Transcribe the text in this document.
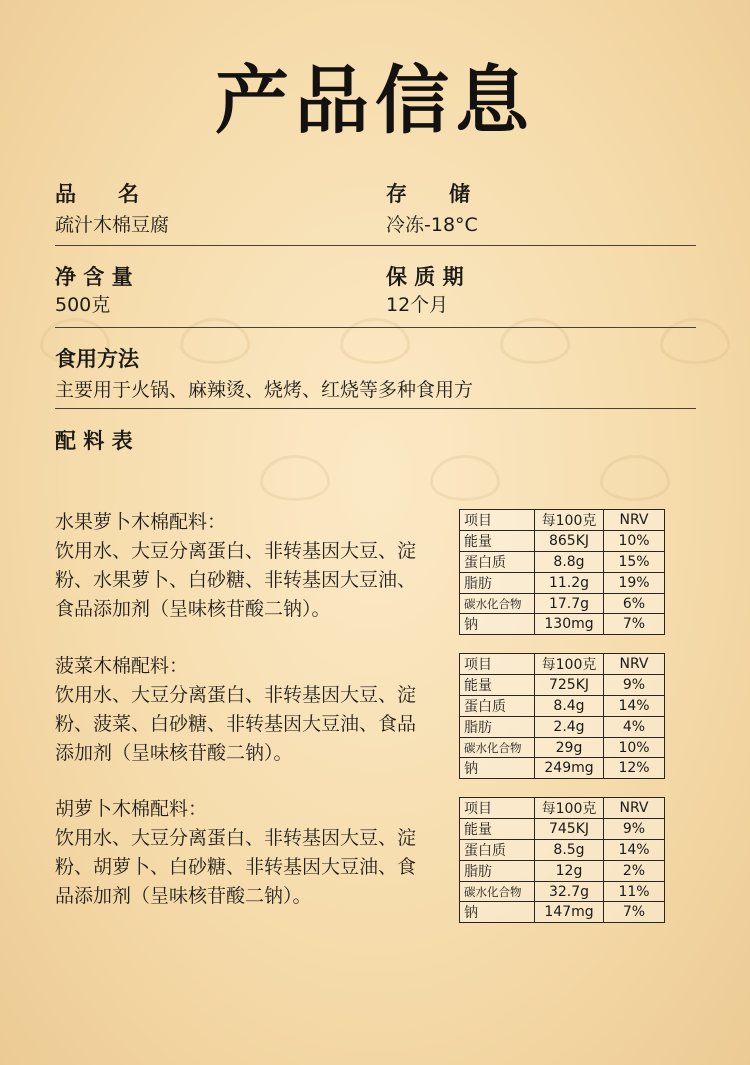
产品信息
品　　名
疏汁木棉豆腐
存　　储
冷冻-18°C
净 含 量
500克
保 质 期
12个月
食用方法
主要用于火锅、麻辣烫、烧烤、红烧等多种食用方
配 料 表
水果萝卜木棉配料：
饮用水、大豆分离蛋白、非转基因大豆、淀粉、水果萝卜、白砂糖、非转基因大豆油、食品添加剂（呈味核苷酸二钠）。
项目	每100克	NRV
能量	865KJ	10%
蛋白质	8.8g	15%
脂肪	11.2g	19%
碳水化合物	17.7g	6%
钠	130mg	7%
菠菜木棉配料：
饮用水、大豆分离蛋白、非转基因大豆、淀粉、菠菜、白砂糖、非转基因大豆油、食品添加剂（呈味核苷酸二钠）。
项目	每100克	NRV
能量	725KJ	9%
蛋白质	8.4g	14%
脂肪	2.4g	4%
碳水化合物	29g	10%
钠	249mg	12%
胡萝卜木棉配料：
饮用水、大豆分离蛋白、非转基因大豆、淀粉、胡萝卜、白砂糖、非转基因大豆油、食品添加剂（呈味核苷酸二钠）。
项目	每100克	NRV
能量	745KJ	9%
蛋白质	8.5g	14%
脂肪	12g	2%
碳水化合物	32.7g	11%
钠	147mg	7%
